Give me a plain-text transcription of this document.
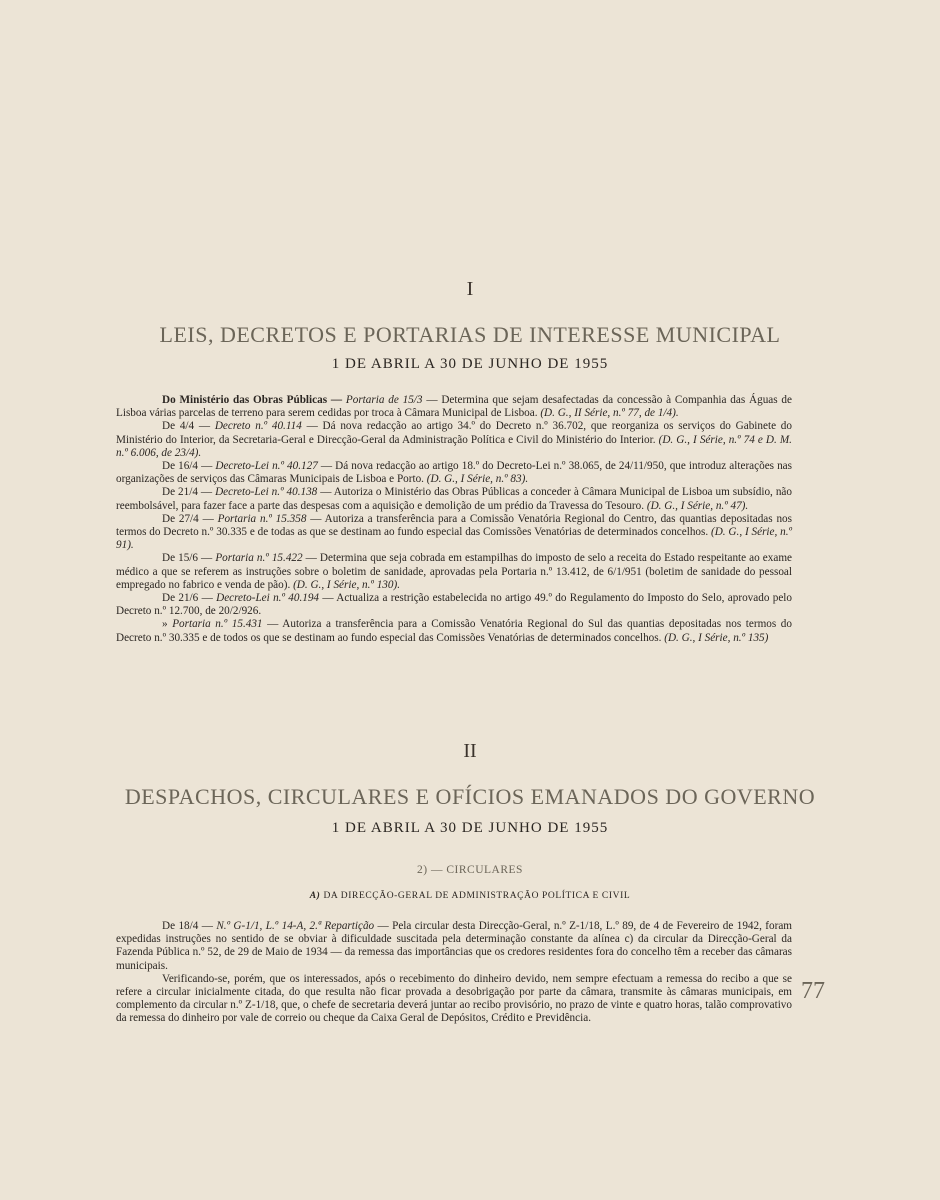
I
LEIS, DECRETOS E PORTARIAS DE INTERESSE MUNICIPAL
1 DE ABRIL A 30 DE JUNHO DE 1955

Do Ministério das Obras Públicas — Portaria de 15/3 — Determina que sejam desafectadas da concessão à Companhia das Águas de Lisboa várias parcelas de terreno para serem cedidas por troca à Câmara Municipal de Lisboa. (D. G., II Série, n.º 77, de 1/4).

De 4/4 — Decreto n.º 40.114 — Dá nova redacção ao artigo 34.º do Decreto n.º 36.702, que reorganiza os serviços do Gabinete do Ministério do Interior, da Secretaria-Geral e Direcção-Geral da Administração Política e Civil do Ministério do Interior. (D. G., I Série, n.º 74 e D. M. n.º 6.006, de 23/4).

De 16/4 — Decreto-Lei n.º 40.127 — Dá nova redacção ao artigo 18.º do Decreto-Lei n.º 38.065, de 24/11/950, que introduz alterações nas organizações de serviços das Câmaras Municipais de Lisboa e Porto. (D. G., I Série, n.º 83).

De 21/4 — Decreto-Lei n.º 40.138 — Autoriza o Ministério das Obras Públicas a conceder à Câmara Municipal de Lisboa um subsídio, não reembolsável, para fazer face a parte das despesas com a aquisição e demolição de um prédio da Travessa do Tesouro. (D. G., I Série, n.º 47).

De 27/4 — Portaria n.º 15.358 — Autoriza a transferência para a Comissão Venatória Regional do Centro, das quantias depositadas nos termos do Decreto n.º 30.335 e de todas as que se destinam ao fundo especial das Comissões Venatórias de determinados concelhos. (D. G., I Série, n.º 91).

De 15/6 — Portaria n.º 15.422 — Determina que seja cobrada em estampilhas do imposto de selo a receita do Estado respeitante ao exame médico a que se referem as instruções sobre o boletim de sanidade, aprovadas pela Portaria n.º 13.412, de 6/1/951 (boletim de sanidade do pessoal empregado no fabrico e venda de pão). (D. G., I Série, n.º 130).

De 21/6 — Decreto-Lei n.º 40.194 — Actualiza a restrição estabelecida no artigo 49.º do Regulamento do Imposto do Selo, aprovado pelo Decreto n.º 12.700, de 20/2/926.

» Portaria n.º 15.431 — Autoriza a transferência para a Comissão Venatória Regional do Sul das quantias depositadas nos termos do Decreto n.º 30.335 e de todos os que se destinam ao fundo especial das Comissões Venatórias de determinados concelhos. (D. G., I Série, n.º 135)

II
DESPACHOS, CIRCULARES E OFÍCIOS EMANADOS DO GOVERNO
1 DE ABRIL A 30 DE JUNHO DE 1955
2) — CIRCULARES
A) DA DIRECÇÃO-GERAL DE ADMINISTRAÇÃO POLÍTICA E CIVIL

De 18/4 — N.º G-1/1, L.º 14-A, 2.ª Repartição — Pela circular desta Direcção-Geral, n.º Z-1/18, L.º 89, de 4 de Fevereiro de 1942, foram expedidas instruções no sentido de se obviar à dificuldade suscitada pela determinação constante da alínea c) da circular da Direcção-Geral da Fazenda Pública n.º 52, de 29 de Maio de 1934 — da remessa das importâncias que os credores residentes fora do concelho têm a receber das câmaras municipais.

Verificando-se, porém, que os interessados, após o recebimento do dinheiro devido, nem sempre efectuam a remessa do recibo a que se refere a circular inicialmente citada, do que resulta não ficar provada a desobrigação por parte da câmara, transmite às câmaras municipais, em complemento da circular n.º Z-1/18, que, o chefe de secretaria deverá juntar ao recibo provisório, no prazo de vinte e quatro horas, talão comprovativo da remessa do dinheiro por vale de correio ou cheque da Caixa Geral de Depósitos, Crédito e Previdência.

77
